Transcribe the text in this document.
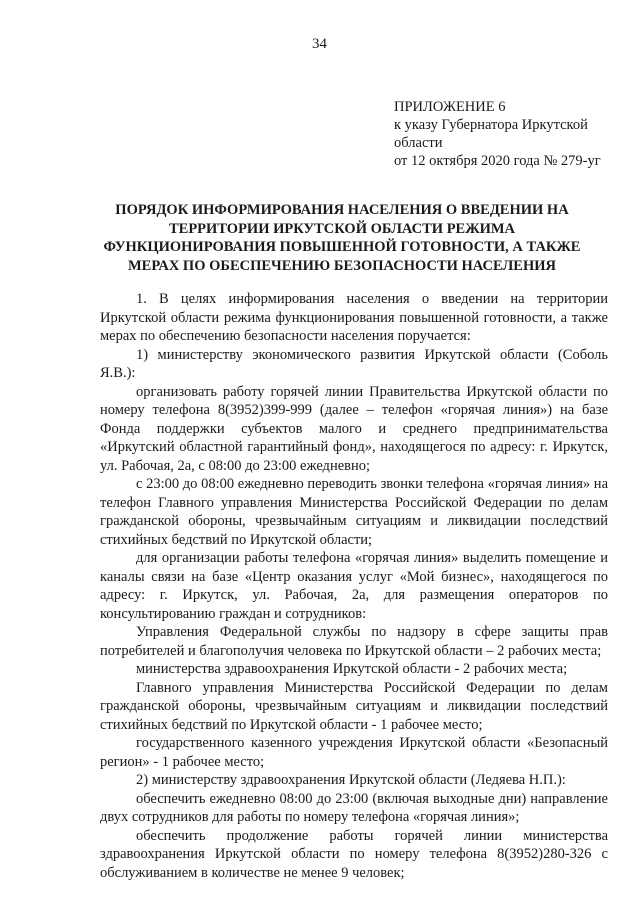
34
ПРИЛОЖЕНИЕ 6
к указу Губернатора Иркутской
области
от 12 октября 2020 года № 279-уг
ПОРЯДОК ИНФОРМИРОВАНИЯ НАСЕЛЕНИЯ О ВВЕДЕНИИ НА
ТЕРРИТОРИИ ИРКУТСКОЙ ОБЛАСТИ РЕЖИМА
ФУНКЦИОНИРОВАНИЯ ПОВЫШЕННОЙ ГОТОВНОСТИ, А ТАКЖЕ
МЕРАХ ПО ОБЕСПЕЧЕНИЮ БЕЗОПАСНОСТИ НАСЕЛЕНИЯ

1. В целях информирования населения о введении на территории Иркутской области режима функционирования повышенной готовности, а также мерах по обеспечению безопасности населения поручается:

1) министерству экономического развития Иркутской области (Соболь Я.В.):

организовать работу горячей линии Правительства Иркутской области по номеру телефона 8(3952)399-999 (далее – телефон «горячая линия») на базе Фонда поддержки субъектов малого и среднего предпринимательства «Иркутский областной гарантийный фонд», находящегося по адресу: г. Иркутск, ул. Рабочая, 2а, с 08:00 до 23:00 ежедневно;

с 23:00 до 08:00 ежедневно переводить звонки телефона «горячая линия» на телефон Главного управления Министерства Российской Федерации по делам гражданской обороны, чрезвычайным ситуациям и ликвидации последствий стихийных бедствий по Иркутской области;

для организации работы телефона «горячая линия» выделить помещение и каналы связи на базе «Центр оказания услуг «Мой бизнес», находящегося по адресу: г. Иркутск, ул. Рабочая, 2а, для размещения операторов по консультированию граждан и сотрудников:

Управления Федеральной службы по надзору в сфере защиты прав потребителей и благополучия человека по Иркутской области – 2 рабочих места;

министерства здравоохранения Иркутской области - 2 рабочих места;

Главного управления Министерства Российской Федерации по делам гражданской обороны, чрезвычайным ситуациям и ликвидации последствий стихийных бедствий по Иркутской области - 1 рабочее место;

государственного казенного учреждения Иркутской области «Безопасный регион» - 1 рабочее место;

2) министерству здравоохранения Иркутской области (Ледяева Н.П.):

обеспечить ежедневно 08:00 до 23:00 (включая выходные дни) направление двух сотрудников для работы по номеру телефона «горячая линия»;

обеспечить продолжение работы горячей линии министерства здравоохранения Иркутской области по номеру телефона 8(3952)280-326 с обслуживанием в количестве не менее 9 человек;
